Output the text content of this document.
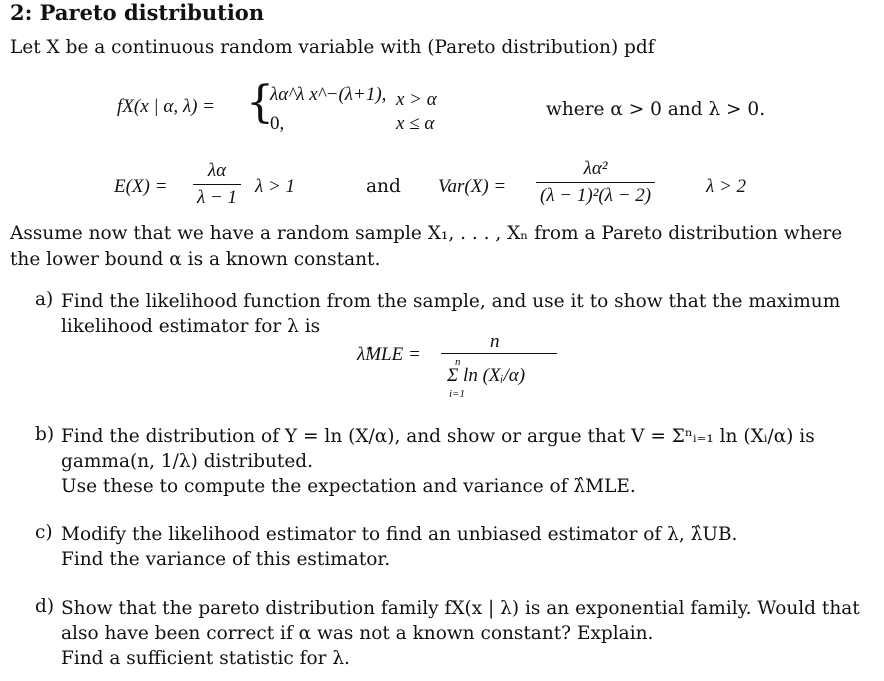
2: Pareto distribution
Let X be a continuous random variable with (Pareto distribution) pdf
fX(x | α, λ) = {
λα^λ x^−(λ+1), x > α
0,	x ≤ α
where α > 0 and λ > 0.
$E(X) = \frac{\lambda\alpha}{\lambda - 1}$ λ > 1	and $Var(X) = \frac{\text{λα²}}{\text{(λ − 1)²(λ − 2)}}$	λ > 2
Assume now that we have a random sample X₁, . . . , Xₙ from a Pareto distribution where the lower bound α is a known constant.
a) Find the likelihood function from the sample, and use it to show that the maximum likelihood estimator for λ is
λ̂MLE =
n
n
Σ ln (Xᵢ/α)
i=1
b) Find the distribution of Y = ln (X/α), and show or argue that V = Σⁿᵢ₌₁ ln (Xᵢ/α) is gamma(n, 1/λ) distributed.
Use these to compute the expectation and variance of λ̂MLE.
c) Modify the likelihood estimator to find an unbiased estimator of λ, λ̂UB.
Find the variance of this estimator.
d) Show that the pareto distribution family fX(x | λ) is an exponential family. Would that also have been correct if α was not a known constant? Explain.
Find a sufficient statistic for λ.
